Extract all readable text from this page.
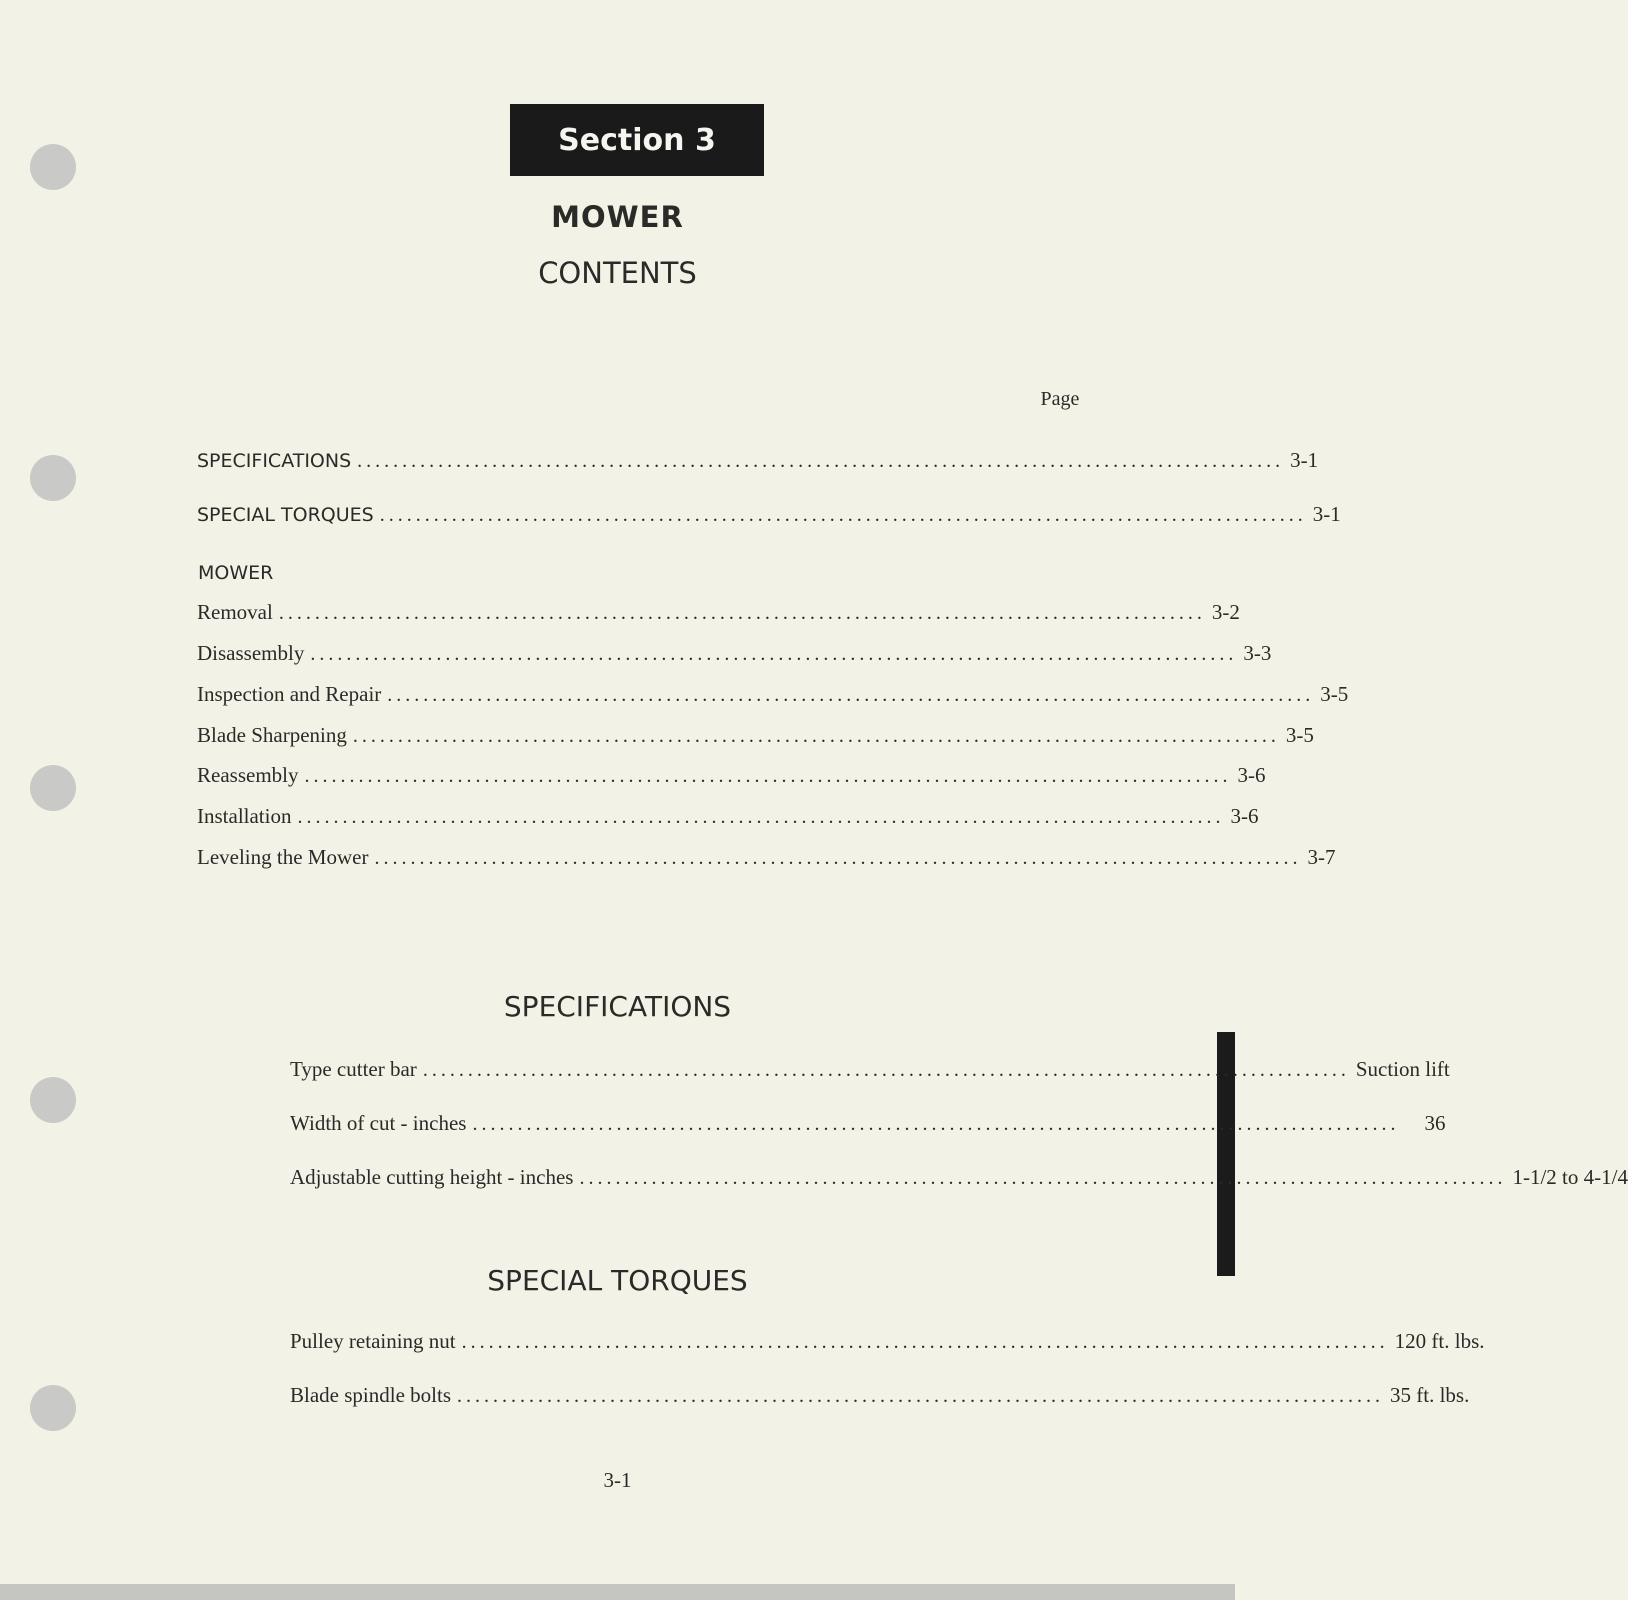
Section 3
MOWER
CONTENTS
Page
SPECIFICATIONS ....................................................................................................... 3-1
SPECIAL TORQUES ....................................................................................................... 3-1
MOWER
Removal ....................................................................................................... 3-2
Disassembly ....................................................................................................... 3-3
Inspection and Repair ....................................................................................................... 3-5
Blade Sharpening ....................................................................................................... 3-5
Reassembly ....................................................................................................... 3-6
Installation ....................................................................................................... 3-6
Leveling the Mower ....................................................................................................... 3-7
SPECIFICATIONS
Type cutter bar ....................................................................................................... Suction lift
Width of cut - inches .......................................................................................................	36
Adjustable cutting height - inches ....................................................................................................... 1-1/2 to 4-1/4
SPECIAL TORQUES
Pulley retaining nut ....................................................................................................... 120 ft. lbs.
Blade spindle bolts ....................................................................................................... 35 ft. lbs.
3-1
